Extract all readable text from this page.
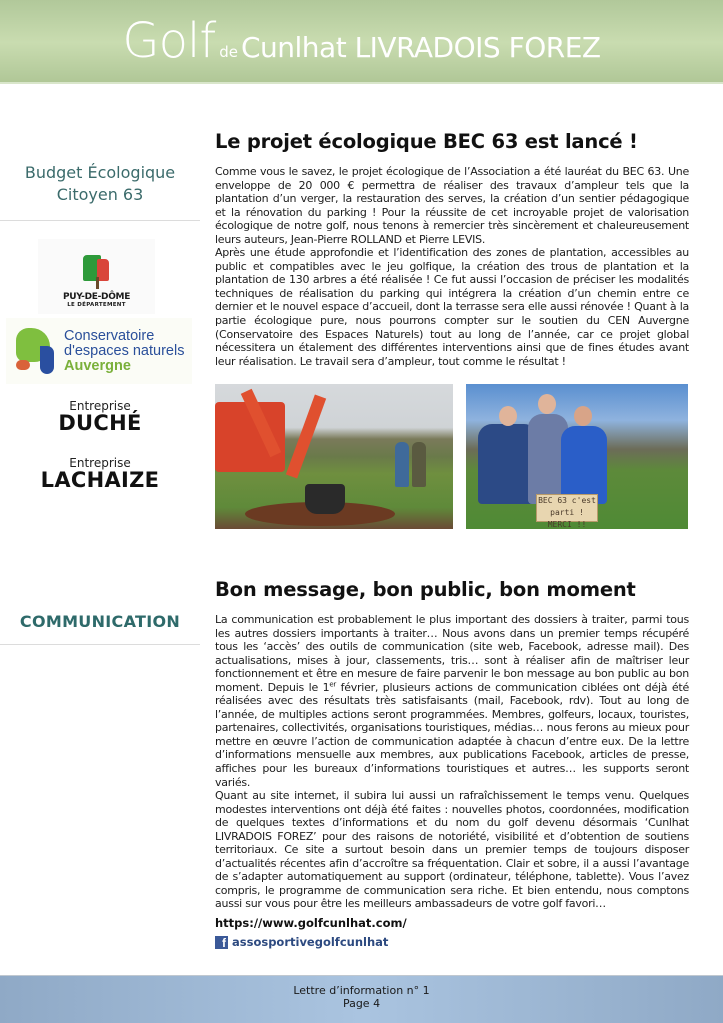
Golf de Cunlhat LIVRADOIS FOREZ
Budget Écologique
Citoyen 63
PUY-DE-DÔME
LE DÉPARTEMENT
Conservatoire
d'espaces naturels
Auvergne
Entreprise
DUCHÉ
Entreprise
LACHAIZE
COMMUNICATION
Le projet écologique BEC 63 est lancé !

Comme vous le savez, le projet écologique de l’Association a été lauréat du BEC 63. Une enveloppe de 20 000 € permettra de réaliser des travaux d’ampleur tels que la plantation d’un verger, la restauration des serves, la création d’un sentier pédagogique et la rénovation du parking ! Pour la réussite de cet incroyable projet de valorisation écologique de notre golf, nous tenons à remercier très sincèrement et chaleureusement leurs auteurs, Jean-Pierre ROLLAND et Pierre LEVIS.

Après une étude approfondie et l’identification des zones de plantation, accessibles au public et compatibles avec le jeu golfique, la création des trous de plantation et la plantation de 130 arbres a été réalisée ! Ce fut aussi l’occasion de préciser les modalités techniques de réalisation du parking qui intégrera la création d’un chemin entre ce dernier et le nouvel espace d’accueil, dont la terrasse sera elle aussi rénovée ! Quant à la partie écologique pure, nous pourrons compter sur le soutien du CEN Auvergne (Conservatoire des Espaces Naturels) tout au long de l’année, car ce projet global nécessitera un étalement des différentes interventions ainsi que de fines études avant leur réalisation. Le travail sera d’ampleur, tout comme le résultat !

BEC 63 c'est parti !
MERCI !!
Bon message, bon public, bon moment

La communication est probablement le plus important des dossiers à traiter, parmi tous les autres dossiers importants à traiter… Nous avons dans un premier temps récupéré tous les ‘accès’ des outils de communication (site web, Facebook, adresse mail). Des actualisations, mises à jour, classements, tris… sont à réaliser afin de maîtriser leur fonctionnement et être en mesure de faire parvenir le bon message au bon public au bon moment. Depuis le 1er février, plusieurs actions de communication ciblées ont déjà été réalisées avec des résultats très satisfaisants (mail, Facebook, rdv). Tout au long de l’année, de multiples actions seront programmées. Membres, golfeurs, locaux, touristes, partenaires, collectivités, organisations touristiques, médias… nous ferons au mieux pour mettre en œuvre l’action de communication adaptée à chacun d’entre eux. De la lettre d’informations mensuelle aux membres, aux publications Facebook, articles de presse, affiches pour les bureaux d’informations touristiques et autres… les supports seront variés.

Quant au site internet, il subira lui aussi un rafraîchissement le temps venu. Quelques modestes interventions ont déjà été faites : nouvelles photos, coordonnées, modification de quelques textes d’informations et du nom du golf devenu désormais ‘Cunlhat LIVRADOIS FOREZ’ pour des raisons de notoriété, visibilité et d’obtention de soutiens territoriaux. Ce site a surtout besoin dans un premier temps de toujours disposer d’actualités récentes afin d’accroître sa fréquentation. Clair et sobre, il a aussi l’avantage de s’adapter automatiquement au support (ordinateur, téléphone, tablette). Vous l’avez compris, le programme de communication sera riche. Et bien entendu, nous comptons aussi sur vous pour être les meilleurs ambassadeurs de votre golf favori…

https://www.golfcunlhat.com/
f assosportivegolfcunlhat
Lettre d’information n° 1
Page 4
